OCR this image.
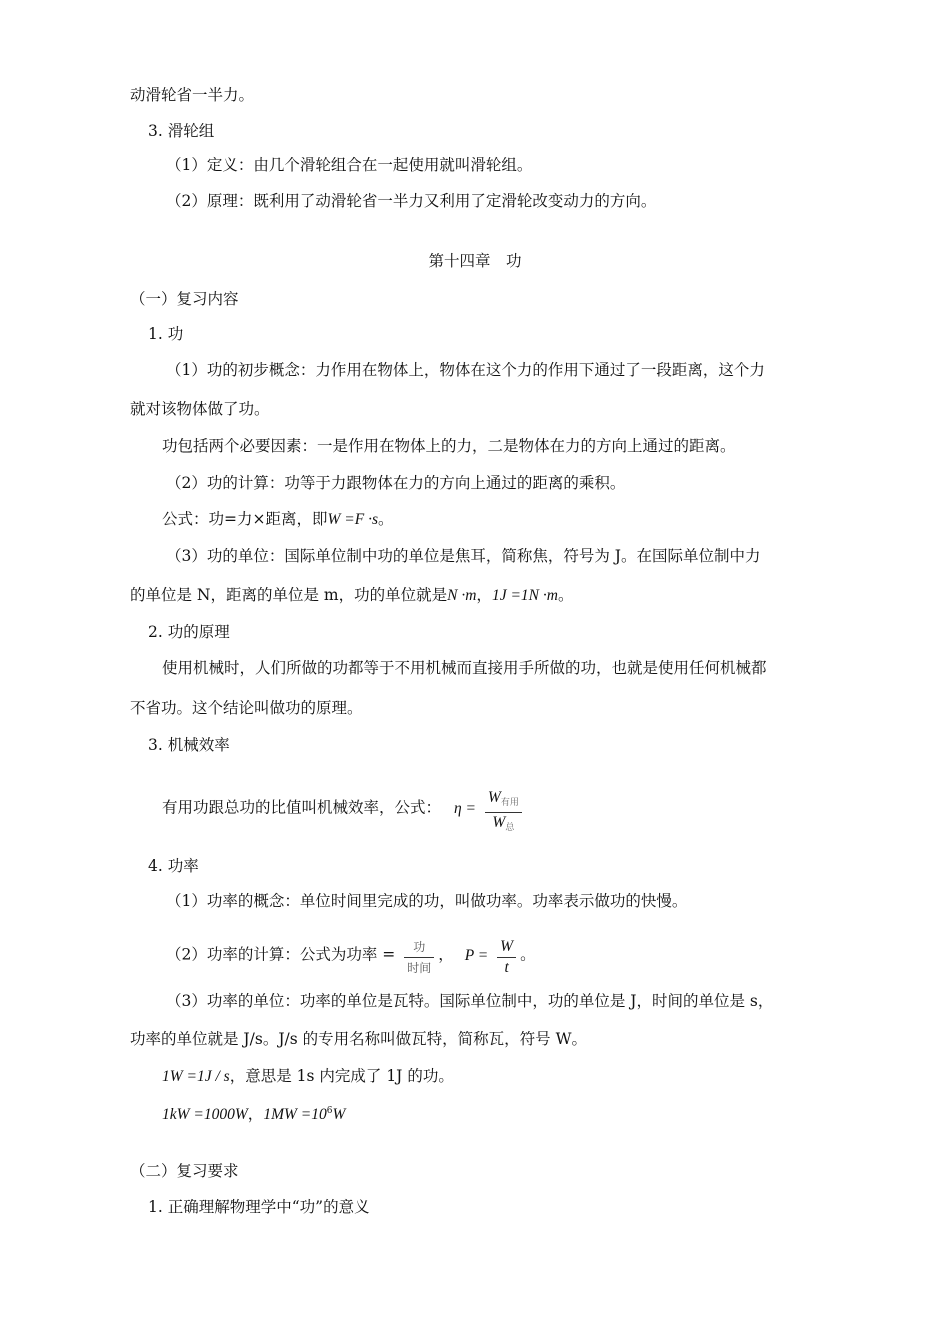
动滑轮省一半力。
3. 滑轮组
（1）定义：由几个滑轮组合在一起使用就叫滑轮组。
（2）原理：既利用了动滑轮省一半力又利用了定滑轮改变动力的方向。
第十四章　功
（一）复习内容
1. 功
（1）功的初步概念：力作用在物体上，物体在这个力的作用下通过了一段距离，这个力
就对该物体做了功。
功包括两个必要因素：一是作用在物体上的力，二是物体在力的方向上通过的距离。
（2）功的计算：功等于力跟物体在力的方向上通过的距离的乘积。
公式：功=力×距离，即W =F ·s。
（3）功的单位：国际单位制中功的单位是焦耳，简称焦，符号为 J。在国际单位制中力
的单位是 N，距离的单位是 m，功的单位就是N ·m，1J =1N ·m。
2. 功的原理
使用机械时，人们所做的功都等于不用机械而直接用手所做的功，也就是使用任何机械都
不省功。这个结论叫做功的原理。
3. 机械效率
有用功跟总功的比值叫机械效率，公式： $\eta = \frac{W_{有用}}{W_总}$
4. 功率
（1）功率的概念：单位时间里完成的功，叫做功率。功率表示做功的快慢。
（2）功率的计算：公式为功率 = $\frac{\text{功}}{\text{时间}}$ ， $P = \frac{W}{t}$ 。
（3）功率的单位：功率的单位是瓦特。国际单位制中，功的单位是 J，时间的单位是 s，
功率的单位就是 J/s。J/s 的专用名称叫做瓦特，简称瓦，符号 W。
1W =1J / s，意思是 1s 内完成了 1J 的功。
1kW =1000W，$1MW =10^6W$
（二）复习要求
1. 正确理解物理学中“功”的意义
